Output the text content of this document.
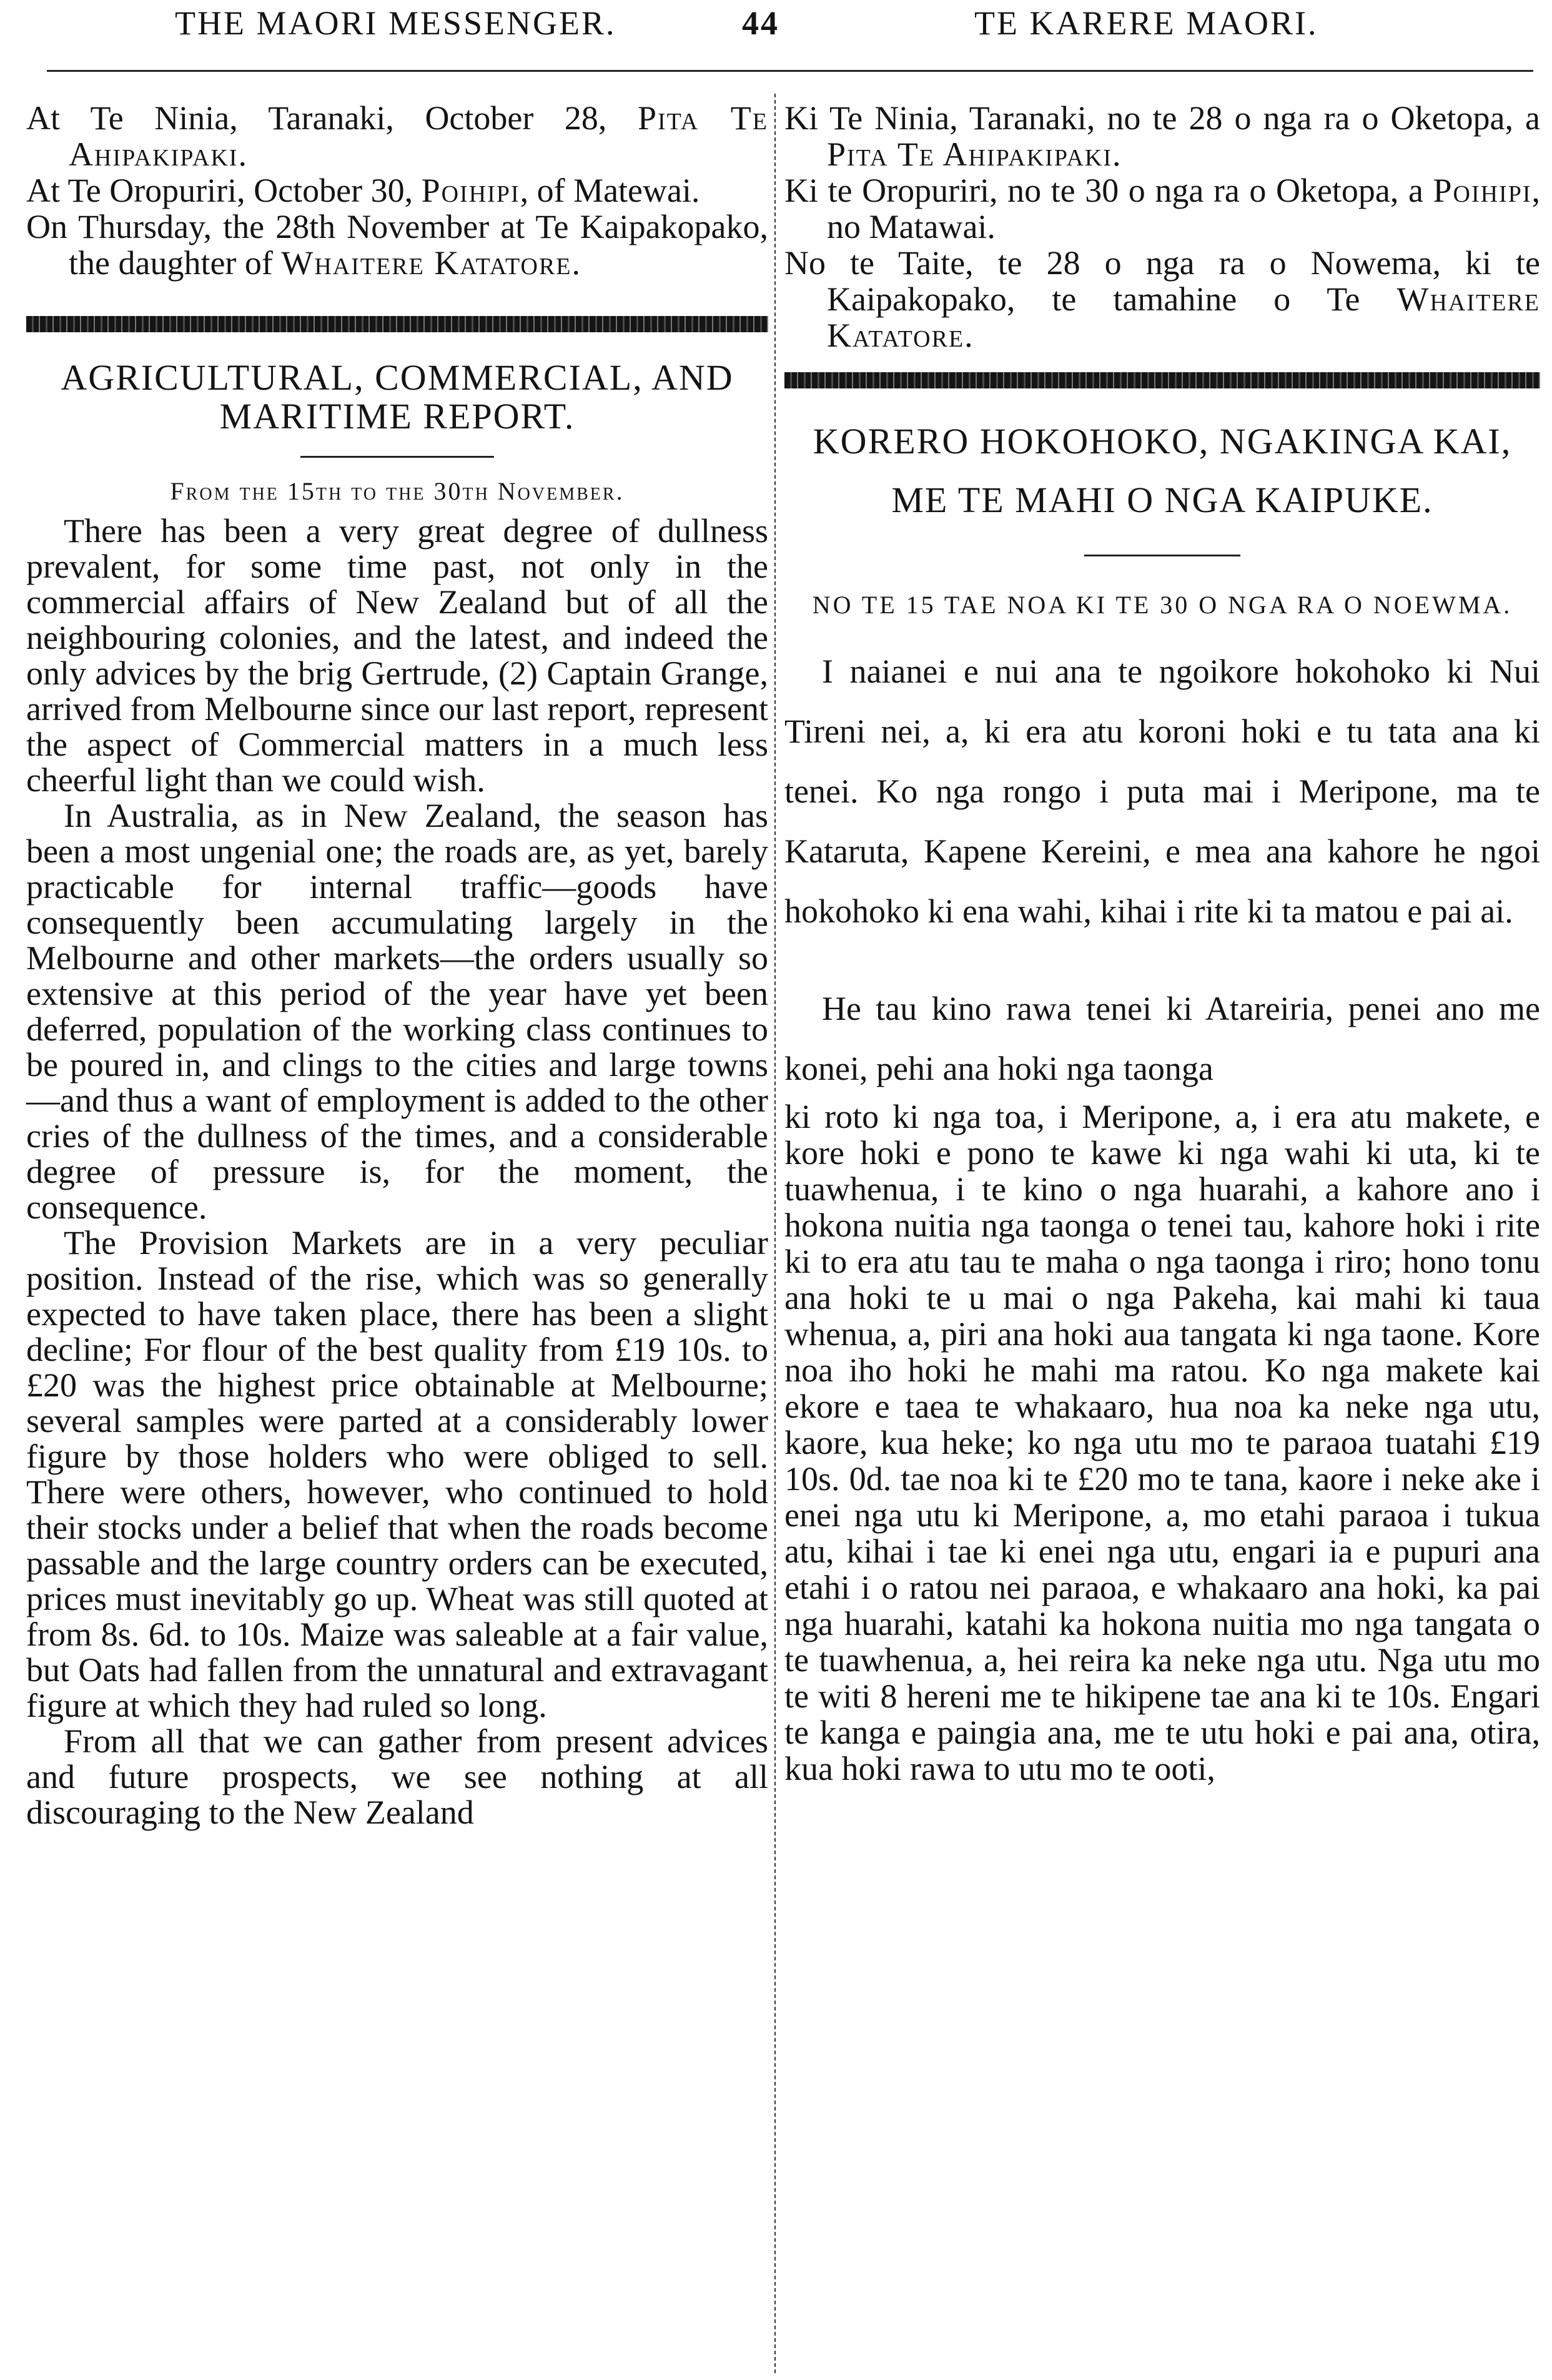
THE MAORI MESSENGER.	44	TE KARERE MAORI.

At Te Ninia, Taranaki, October 28, Pita Te Ahipakipaki.

At Te Oropuriri, October 30, Poihipi, of Matewai.

On Thursday, the 28th November at Te Kaipakopako, the daughter of Whaitere Katatore.

AGRICULTURAL, COMMERCIAL, AND MARITIME REPORT.

From the 15th to the 30th November.

There has been a very great degree of dullness prevalent, for some time past, not only in the commercial affairs of New Zealand but of all the neighbouring colonies, and the latest, and indeed the only advices by the brig Gertrude, (2) Captain Grange, arrived from Melbourne since our last report, represent the aspect of Commercial matters in a much less cheerful light than we could wish.

In Australia, as in New Zealand, the season has been a most ungenial one; the roads are, as yet, barely practicable for internal traffic—goods have consequently been accumulating largely in the Melbourne and other markets—the orders usually so extensive at this period of the year have yet been deferred, population of the working class continues to be poured in, and clings to the cities and large towns—and thus a want of employment is added to the other cries of the dullness of the times, and a considerable degree of pressure is, for the moment, the consequence.

The Provision Markets are in a very peculiar position. Instead of the rise, which was so generally expected to have taken place, there has been a slight decline; For flour of the best quality from £19 10s. to £20 was the highest price obtainable at Melbourne; several samples were parted at a considerably lower figure by those holders who were obliged to sell. There were others, however, who continued to hold their stocks under a belief that when the roads become passable and the large country orders can be executed, prices must inevitably go up. Wheat was still quoted at from 8s. 6d. to 10s. Maize was saleable at a fair value, but Oats had fallen from the unnatural and extravagant figure at which they had ruled so long.

From all that we can gather from present advices and future prospects, we see nothing at all discouraging to the New Zealand

Ki Te Ninia, Taranaki, no te 28 o nga ra o Oketopa, a Pita Te Ahipakipaki.

Ki te Oropuriri, no te 30 o nga ra o Oketopa, a Poihipi, no Matawai.

No te Taite, te 28 o nga ra o Nowema, ki te Kaipakopako, te tamahine o Te Whaitere Katatore.

KORERO HOKOHOKO, NGAKINGA KAI,
ME TE MAHI O NGA KAIPUKE.

NO TE 15 TAE NOA KI TE 30 O NGA RA O NOEWMA.

I naianei e nui ana te ngoikore hokohoko ki Nui Tireni nei, a, ki era atu koroni hoki e tu tata ana ki tenei. Ko nga rongo i puta mai i Meripone, ma te Kataruta, Kapene Kereini, e mea ana kahore he ngoi hokohoko ki ena wahi, kihai i rite ki ta matou e pai ai.

He tau kino rawa tenei ki Atareiria, penei ano me konei, pehi ana hoki nga taonga

ki roto ki nga toa, i Meripone, a, i era atu makete, e kore hoki e pono te kawe ki nga wahi ki uta, ki te tuawhenua, i te kino o nga huarahi, a kahore ano i hokona nuitia nga taonga o tenei tau, kahore hoki i rite ki to era atu tau te maha o nga taonga i riro; hono tonu ana hoki te u mai o nga Pakeha, kai mahi ki taua whenua, a, piri ana hoki aua tangata ki nga taone. Kore noa iho hoki he mahi ma ratou. Ko nga makete kai ekore e taea te whakaaro, hua noa ka neke nga utu, kaore, kua heke; ko nga utu mo te paraoa tuatahi £19 10s. 0d. tae noa ki te £20 mo te tana, kaore i neke ake i enei nga utu ki Meripone, a, mo etahi paraoa i tukua atu, kihai i tae ki enei nga utu, engari ia e pupuri ana etahi i o ratou nei paraoa, e whakaaro ana hoki, ka pai nga huarahi, katahi ka hokona nuitia mo nga tangata o te tuawhenua, a, hei reira ka neke nga utu. Nga utu mo te witi 8 hereni me te hikipene tae ana ki te 10s. Engari te kanga e paingia ana, me te utu hoki e pai ana, otira, kua hoki rawa to utu mo te ooti,
